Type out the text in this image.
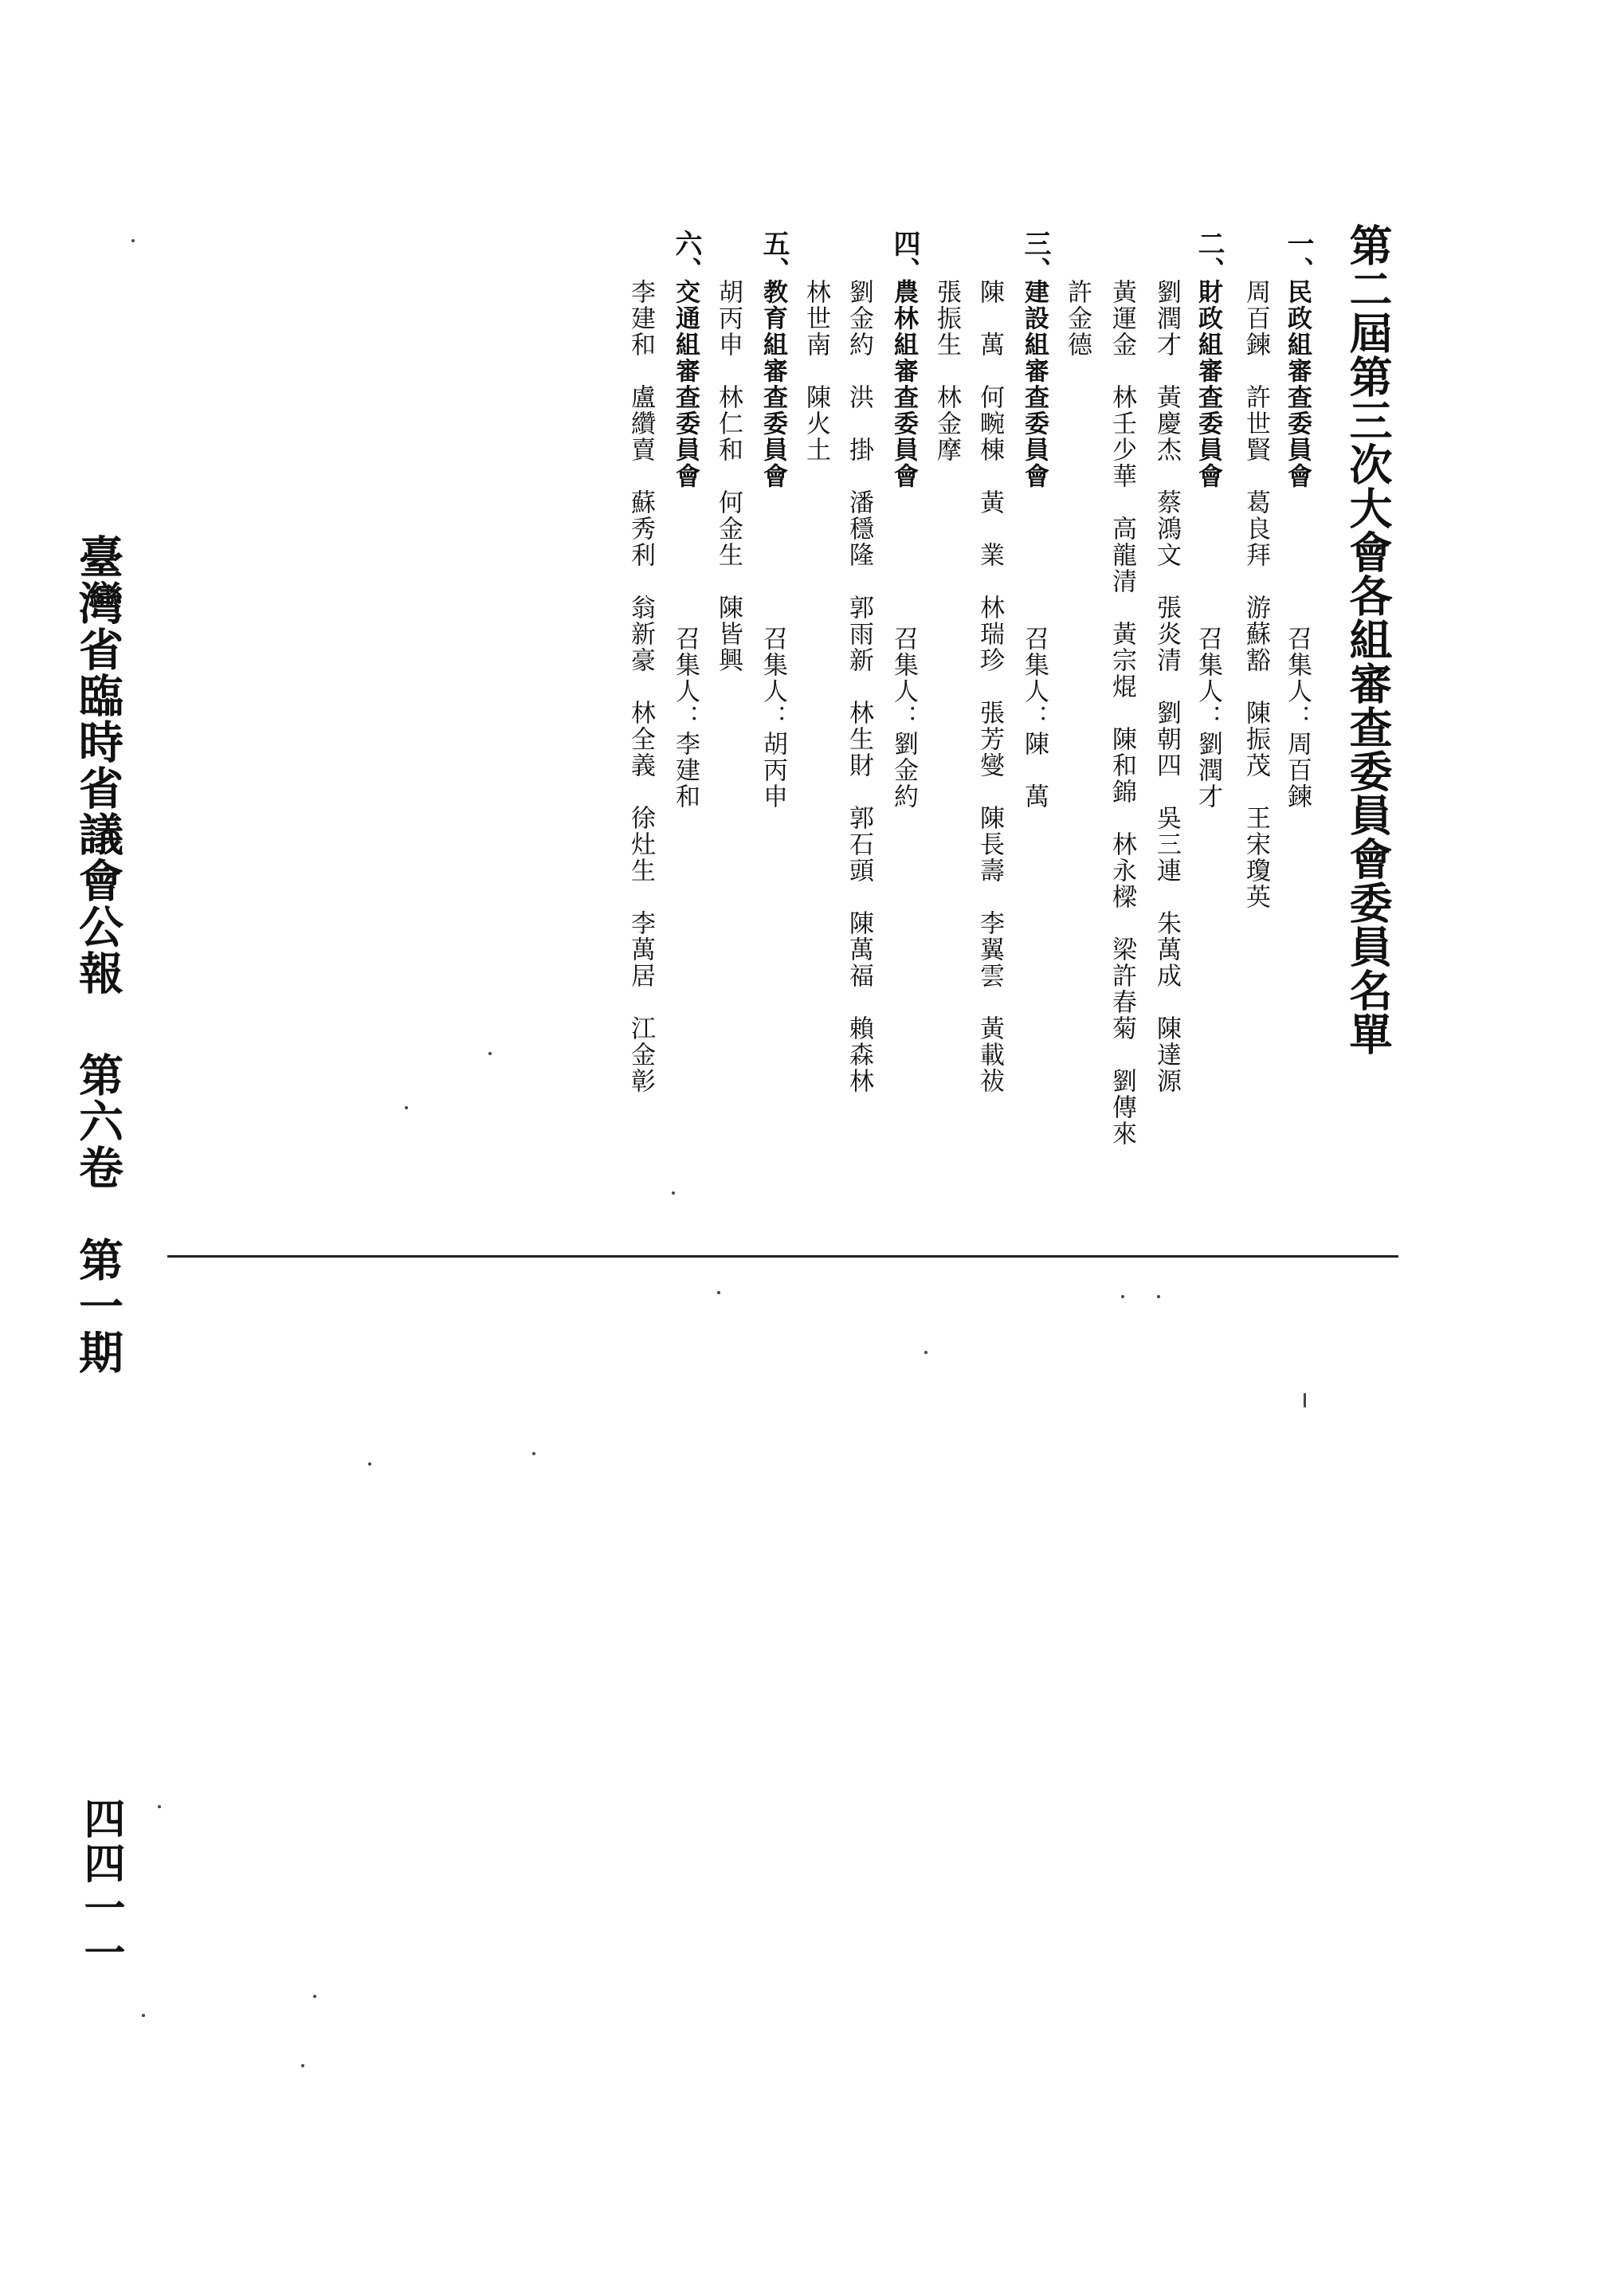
臺灣省臨時省議會公報
第六卷　第一期
四四一一
第二屆第三次大會各組審查委員會委員名單
一、
民政組審查委員會
召集人：周百鍊
周百鍊　許世賢　葛良拜　游蘇豁　陳振茂　王宋瓊英
二、
財政組審查委員會
召集人：劉潤才
劉潤才　黃慶杰　蔡鴻文　張炎清　劉朝四　吳三連　朱萬成　陳達源
黃運金　林壬少華　高龍清　黃宗焜　陳和錦　林永樑　梁許春菊　劉傳來
許金德
三、
建設組審查委員會
召集人：陳　萬
陳　萬　何畹棟　黃　業　林瑞珍　張芳燮　陳長壽　李翼雲　黃載祓
張振生　林金摩
四、
農林組審查委員會
召集人：劉金約
劉金約　洪　掛　潘穩隆　郭雨新　林生財　郭石頭　陳萬福　賴森林
林世南　陳火土
五、
教育組審查委員會
召集人：胡丙申
胡丙申　林仁和　何金生　陳皆興
六、
交通組審查委員會
召集人：李建和
李建和　盧纘賣　蘇秀利　翁新豪　林全義　徐灶生　李萬居　江金彰
